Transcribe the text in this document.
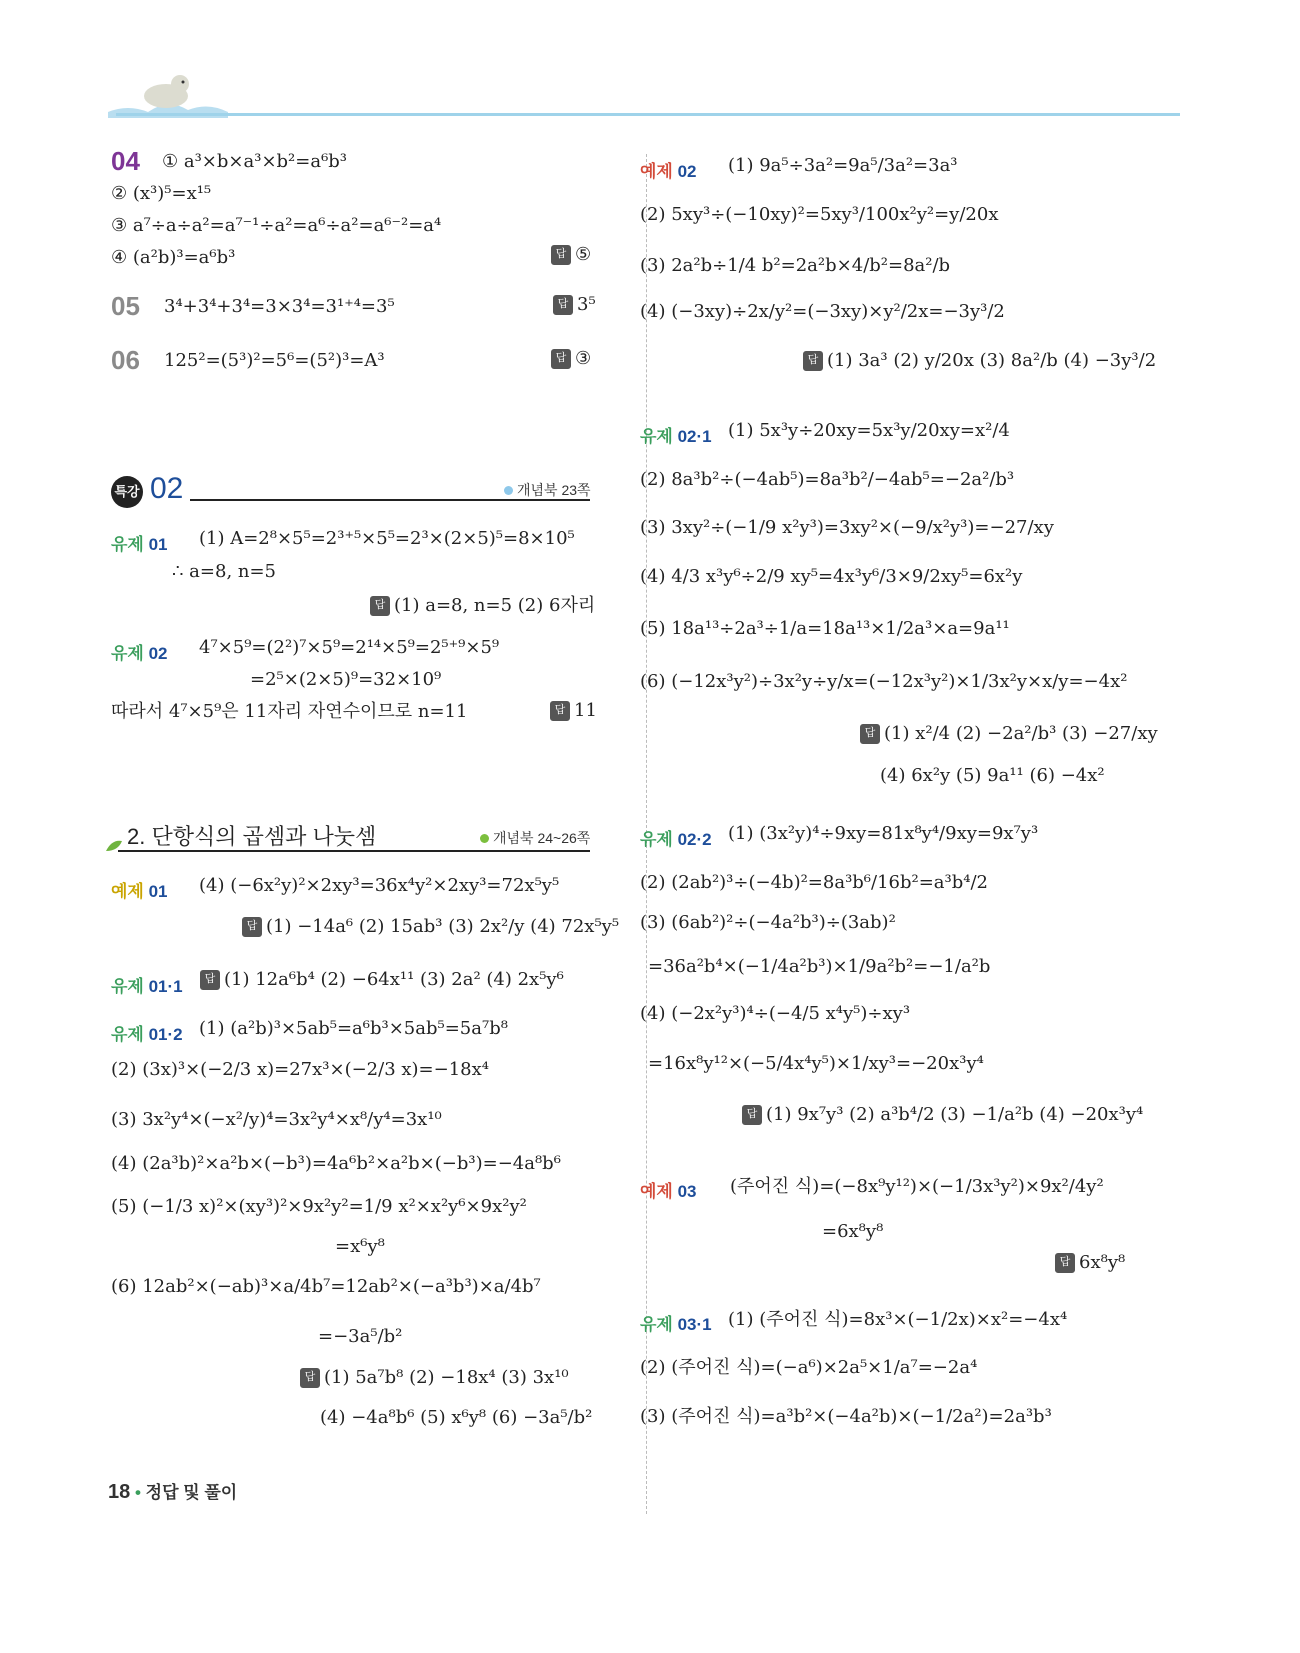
04 ① a³×b×a³×b²=a⁶b³
② (x³)⁵=x¹⁵
③ a⁷÷a÷a²=a⁷⁻¹÷a²=a⁶÷a²=a⁶⁻²=a⁴
④ (a²b)³=a⁶b³	답 ⑤
05 3⁴+3⁴+3⁴=3×3⁴=3¹⁺⁴=3⁵	답 3⁵
06 125²=(5³)²=5⁶=(5²)³=A³	답 ③
특강 02	개념북 23쪽
유제 01 (1) A=2⁸×5⁵=2³⁺⁵×5⁵=2³×(2×5)⁵=8×10⁵
∴ a=8, n=5
답 (1) a=8, n=5 (2) 6자리
유제 02 4⁷×5⁹=(2²)⁷×5⁹=2¹⁴×5⁹=2⁵⁺⁹×5⁹
=2⁵×(2×5)⁹=32×10⁹
따라서 4⁷×5⁹은 11자리 자연수이므로 n=11	답 11
2. 단항식의 곱셈과 나눗셈	개념북 24~26쪽
예제 01 (4) (−6x²y)²×2xy³=36x⁴y²×2xy³=72x⁵y⁵
답 (1) −14a⁶ (2) 15ab³ (3) 2x²/y (4) 72x⁵y⁵
유제 01·1	답 (1) 12a⁶b⁴ (2) −64x¹¹ (3) 2a² (4) 2x⁵y⁶
유제 01·2 (1) (a²b)³×5ab⁵=a⁶b³×5ab⁵=5a⁷b⁸
(2) (3x)³×(−2/3 x)=27x³×(−2/3 x)=−18x⁴
(3) 3x²y⁴×(−x²/y)⁴=3x²y⁴×x⁸/y⁴=3x¹⁰
(4) (2a³b)²×a²b×(−b³)=4a⁶b²×a²b×(−b³)=−4a⁸b⁶
(5) (−1/3 x)²×(xy³)²×9x²y²=1/9 x²×x²y⁶×9x²y²
=x⁶y⁸
(6) 12ab²×(−ab)³×a/4b⁷=12ab²×(−a³b³)×a/4b⁷
=−3a⁵/b²
답 (1) 5a⁷b⁸ (2) −18x⁴ (3) 3x¹⁰
(4) −4a⁸b⁶ (5) x⁶y⁸ (6) −3a⁵/b²
예제 02 (1) 9a⁵÷3a²=9a⁵/3a²=3a³
(2) 5xy³÷(−10xy)²=5xy³/100x²y²=y/20x
(3) 2a²b÷1/4 b²=2a²b×4/b²=8a²/b
(4) (−3xy)÷2x/y²=(−3xy)×y²/2x=−3y³/2
답 (1) 3a³ (2) y/20x (3) 8a²/b (4) −3y³/2
유제 02·1 (1) 5x³y÷20xy=5x³y/20xy=x²/4
(2) 8a³b²÷(−4ab⁵)=8a³b²/−4ab⁵=−2a²/b³
(3) 3xy²÷(−1/9 x²y³)=3xy²×(−9/x²y³)=−27/xy
(4) 4/3 x³y⁶÷2/9 xy⁵=4x³y⁶/3×9/2xy⁵=6x²y
(5) 18a¹³÷2a³÷1/a=18a¹³×1/2a³×a=9a¹¹
(6) (−12x³y²)÷3x²y÷y/x=(−12x³y²)×1/3x²y×x/y=−4x²
답 (1) x²/4 (2) −2a²/b³ (3) −27/xy
(4) 6x²y (5) 9a¹¹ (6) −4x²
유제 02·2 (1) (3x²y)⁴÷9xy=81x⁸y⁴/9xy=9x⁷y³
(2) (2ab²)³÷(−4b)²=8a³b⁶/16b²=a³b⁴/2
(3) (6ab²)²÷(−4a²b³)÷(3ab)²
=36a²b⁴×(−1/4a²b³)×1/9a²b²=−1/a²b
(4) (−2x²y³)⁴÷(−4/5 x⁴y⁵)÷xy³
=16x⁸y¹²×(−5/4x⁴y⁵)×1/xy³=−20x³y⁴
답 (1) 9x⁷y³ (2) a³b⁴/2 (3) −1/a²b (4) −20x³y⁴
예제 03 (주어진 식)=(−8x⁹y¹²)×(−1/3x³y²)×9x²/4y²
=6x⁸y⁸
답 6x⁸y⁸
유제 03·1 (1) (주어진 식)=8x³×(−1/2x)×x²=−4x⁴
(2) (주어진 식)=(−a⁶)×2a⁵×1/a⁷=−2a⁴
(3) (주어진 식)=a³b²×(−4a²b)×(−1/2a²)=2a³b³
18 • 정답 및 풀이
